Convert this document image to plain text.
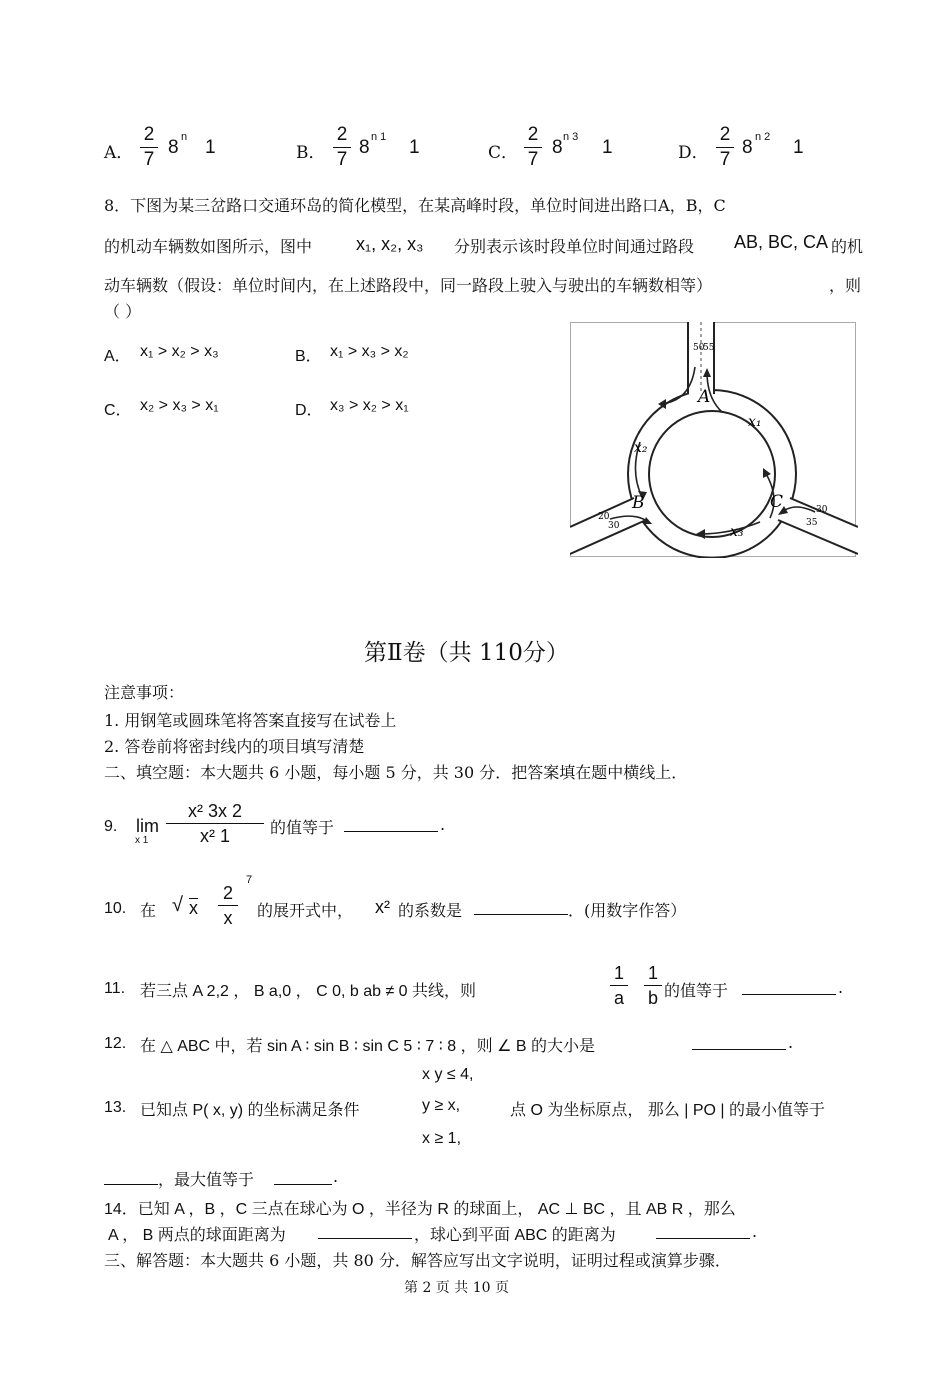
A．
2
7
8 n 1	B．
2
7
8 n 1 1	C．
2
7
8 n 3 1	D．
2
7
8 n 2 1
8．下图为某三岔路口交通环岛的简化模型，在某高峰时段，单位时间进出路口A，B，C
的机动车辆数如图所示，图中 x₁, x₂, x₃ 分别表示该时段单位时间通过路段 AB, BC, CA 的机
动车辆数（假设：单位时间内，在上述路段中，同一路段上驶入与驶出的车辆数相等）	，则
（ ）
A． x₁ > x₂ > x₃	B． x₁ > x₃ > x₂
C． x₂ > x₃ > x₁	D． x₃ > x₂ > x₁
50
55
20
30
30
35
A
B	C
x₁
x₂
x₃
第Ⅱ卷（共 110分）
注意事项：
1. 用钢笔或圆珠笔将答案直接写在试卷上
2. 答卷前将密封线内的项目填写清楚
二、填空题：本大题共 6 小题，每小题 5 分，共 30 分．把答案填在题中横线上．
9. lim
x 1
x² 3x 2
x² 1	的值等于	.
10. 在 √ x
2
x
7
的展开式中， x² 的系数是	．(用数字作答）
11. 若三点 A 2,2 ， B a,0 ， C 0, b ab ≠ 0 共线，则
1
a
1
b 的值等于	.
12. 在 △ ABC 中，若 sin A ∶ sin B ∶ sin C 5 ∶ 7 ∶ 8 ，则 ∠ B 的大小是	.
13. 已知点 P( x, y) 的坐标满足条件
x y ≤ 4,
y ≥ x,
x ≥ 1,
点 O 为坐标原点， 那么 | PO | 的最小值等于
，最大值等于	.
14．已知 A ，B ，C 三点在球心为 O ，半径为 R 的球面上， AC ⊥ BC ，且 AB R ，那么
A ， B 两点的球面距离为	，球心到平面 ABC 的距离为	.
三、解答题：本大题共 6 小题，共 80 分．解答应写出文字说明，证明过程或演算步骤．
第 2 页 共 10 页
